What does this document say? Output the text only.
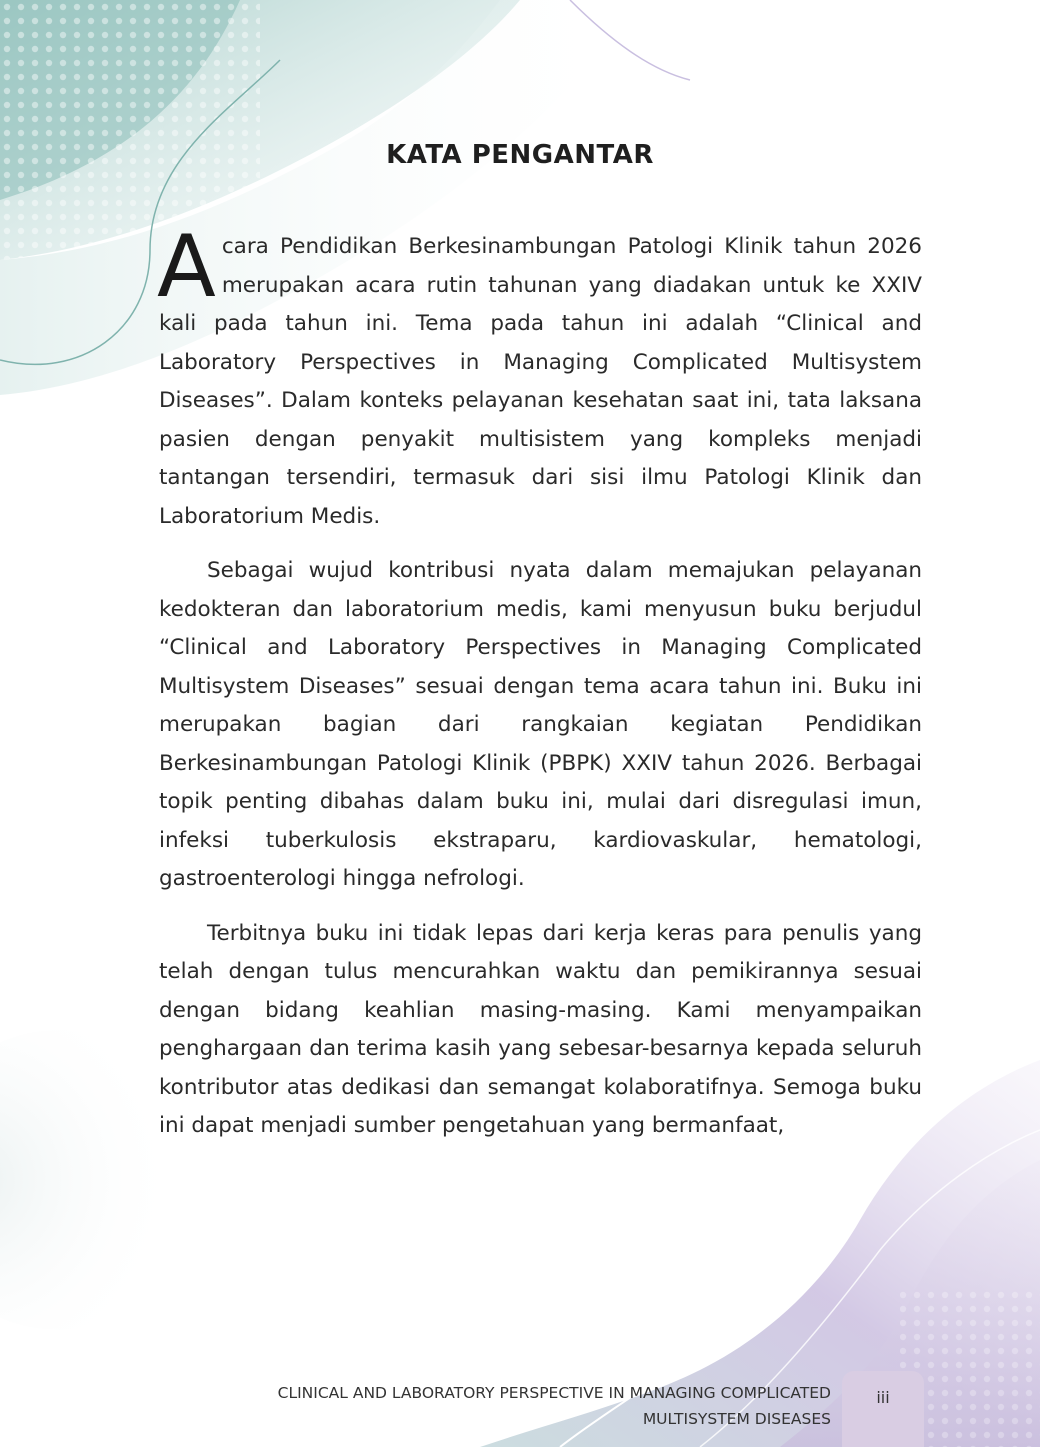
KATA PENGANTAR

Acara Pendidikan Berkesinambungan Patologi Klinik tahun 2026 merupakan acara rutin tahunan yang diadakan untuk ke XXIV kali pada tahun ini. Tema pada tahun ini adalah “Clinical and Laboratory Perspectives in Managing Complicated Multisystem Diseases”. Dalam konteks pelayanan kesehatan saat ini, tata laksana pasien dengan penyakit multisistem yang kompleks menjadi tantangan tersendiri, termasuk dari sisi ilmu Patologi Klinik dan Laboratorium Medis.

Sebagai wujud kontribusi nyata dalam memajukan pelayanan kedokteran dan laboratorium medis, kami menyusun buku berjudul “Clinical and Laboratory Perspectives in Managing Complicated Multisystem Diseases” sesuai dengan tema acara tahun ini. Buku ini merupakan bagian dari rangkaian kegiatan Pendidikan Berkesinambungan Patologi Klinik (PBPK) XXIV tahun 2026. Berbagai topik penting dibahas dalam buku ini, mulai dari disregulasi imun, infeksi tuberkulosis ekstraparu, kardiovaskular, hematologi, gastroenterologi hingga nefrologi.

Terbitnya buku ini tidak lepas dari kerja keras para penulis yang telah dengan tulus mencurahkan waktu dan pemikirannya sesuai dengan bidang keahlian masing-masing. Kami menyampaikan penghargaan dan terima kasih yang sebesar-besarnya kepada seluruh kontributor atas dedikasi dan semangat kolaboratifnya. Semoga buku ini dapat menjadi sumber pengetahuan yang bermanfaat,

CLINICAL AND LABORATORY PERSPECTIVE IN MANAGING COMPLICATED
MULTISYSTEM DISEASES
iii
